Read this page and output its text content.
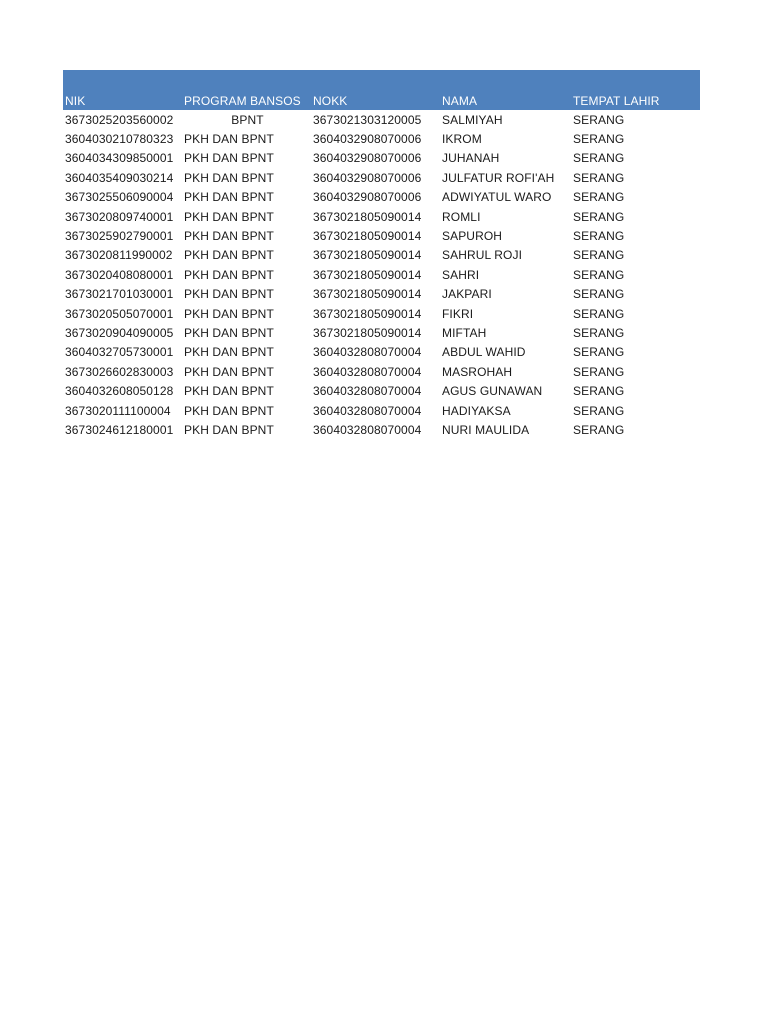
NIK	PROGRAM BANSOS	NOKK	NAMA	TEMPAT LAHIR
3673025203560002	BPNT	3673021303120005	SALMIYAH	SERANG
3604030210780323	PKH DAN BPNT	3604032908070006	IKROM	SERANG
3604034309850001	PKH DAN BPNT	3604032908070006	JUHANAH	SERANG
3604035409030214	PKH DAN BPNT	3604032908070006	JULFATUR ROFI'AH	SERANG
3673025506090004	PKH DAN BPNT	3604032908070006	ADWIYATUL WARO	SERANG
3673020809740001	PKH DAN BPNT	3673021805090014	ROMLI	SERANG
3673025902790001	PKH DAN BPNT	3673021805090014	SAPUROH	SERANG
3673020811990002	PKH DAN BPNT	3673021805090014	SAHRUL ROJI	SERANG
3673020408080001	PKH DAN BPNT	3673021805090014	SAHRI	SERANG
3673021701030001	PKH DAN BPNT	3673021805090014	JAKPARI	SERANG
3673020505070001	PKH DAN BPNT	3673021805090014	FIKRI	SERANG
3673020904090005	PKH DAN BPNT	3673021805090014	MIFTAH	SERANG
3604032705730001	PKH DAN BPNT	3604032808070004	ABDUL WAHID	SERANG
3673026602830003	PKH DAN BPNT	3604032808070004	MASROHAH	SERANG
3604032608050128	PKH DAN BPNT	3604032808070004	AGUS GUNAWAN	SERANG
3673020111100004	PKH DAN BPNT	3604032808070004	HADIYAKSA	SERANG
3673024612180001	PKH DAN BPNT	3604032808070004	NURI MAULIDA	SERANG
